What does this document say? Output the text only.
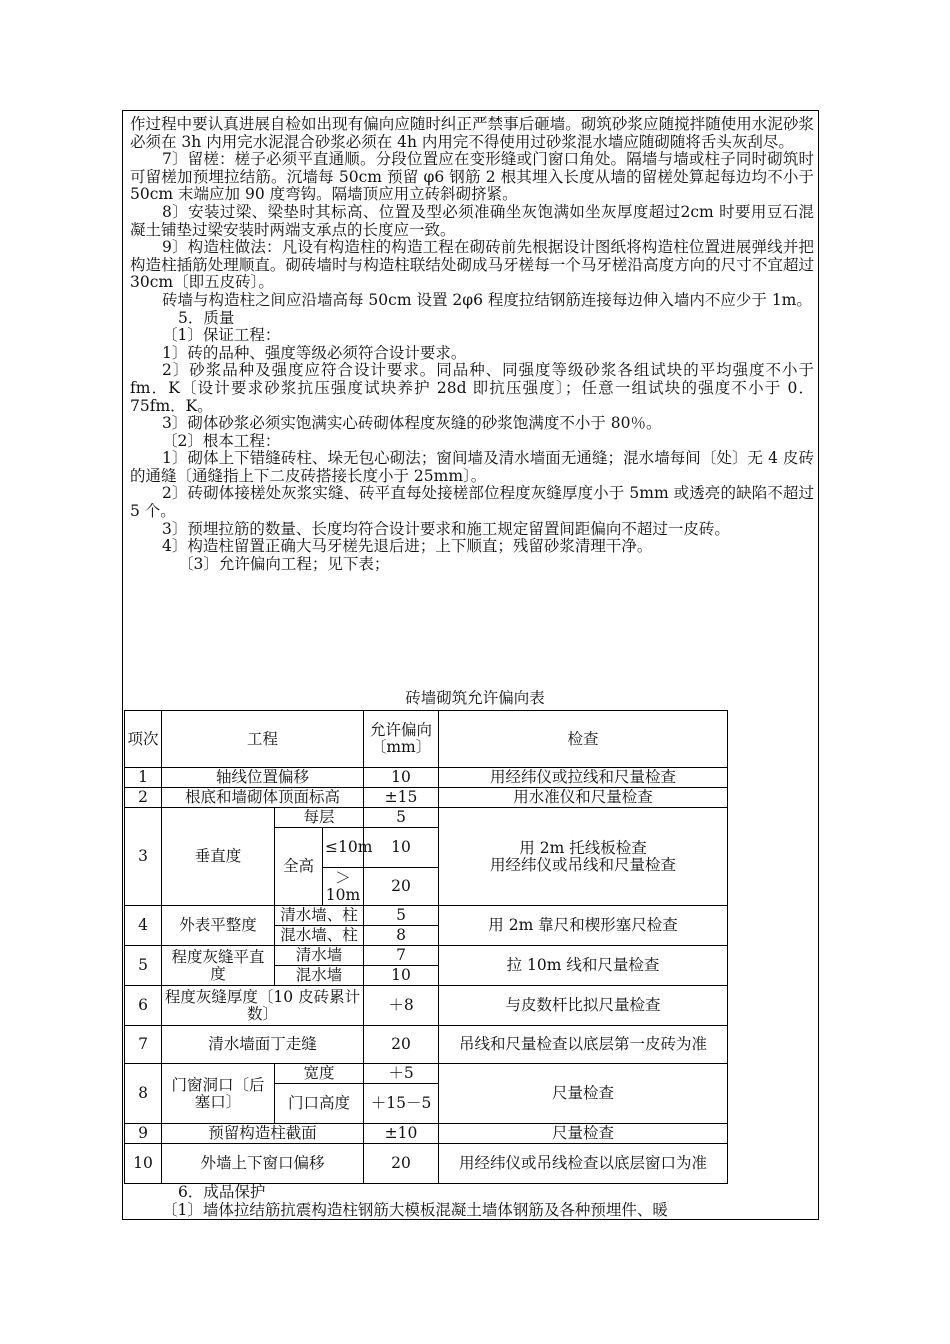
作过程中要认真进展自检如出现有偏向应随时纠正严禁事后砸墙。砌筑砂浆应随搅拌随使用水泥砂浆必须在 3h 内用完水泥混合砂浆必须在 4h 内用完不得使用过砂浆混水墙应随砌随将舌头灰刮尽。

7〕留槎：槎子必须平直通顺。分段位置应在变形缝或门窗口角处。隔墙与墙或柱子同时砌筑时可留槎加预埋拉结筋。沉墙每 50cm 预留 φ6 钢筋 2 根其埋入长度从墙的留槎处算起每边均不小于 50cm 末端应加 90 度弯钩。隔墙顶应用立砖斜砌挤紧。

8〕安装过梁、梁垫时其标高、位置及型必须准确坐灰饱满如坐灰厚度超过2cm 时要用豆石混凝土铺垫过梁安装时两端支承点的长度应一致。

9〕构造柱做法：凡设有构造柱的构造工程在砌砖前先根据设计图纸将构造柱位置进展弹线并把构造柱插筋处理顺直。砌砖墙时与构造柱联结处砌成马牙槎每一个马牙槎沿高度方向的尺寸不宜超过 30cm〔即五皮砖〕。

砖墙与构造柱之间应沿墙高每 50cm 设置 2φ6 程度拉结钢筋连接每边伸入墙内不应少于 1m。

5．质量

〔1〕保证工程：

1〕砖的品种、强度等级必须符合设计要求。

2〕砂浆品种及强度应符合设计要求。同品种、同强度等级砂浆各组试块的平均强度不小于 fm．K〔设计要求砂浆抗压强度试块养护 28d 即抗压强度〕；任意一组试块的强度不小于 0．75fm．K。

3〕砌体砂浆必须实饱满实心砖砌体程度灰缝的砂浆饱满度不小于 80％。

〔2〕根本工程：

1〕砌体上下错缝砖柱、垛无包心砌法；窗间墙及清水墙面无通缝；混水墙每间〔处〕无 4 皮砖的通缝〔通缝指上下二皮砖搭接长度小于 25mm〕。

2〕砖砌体接槎处灰浆实缝、砖平直每处接槎部位程度灰缝厚度小于 5mm 或透亮的缺陷不超过 5 个。

3〕预埋拉筋的数量、长度均符合设计要求和施工规定留置间距偏向不超过一皮砖。

4〕构造柱留置正确大马牙槎先退后进；上下顺直；残留砂浆清理干净。

〔3〕允许偏向工程；见下表；

砖墙砌筑允许偏向表
项次	工程			允许偏向〔mm〕	检查
1	轴线位置偏移			10	用经纬仪或拉线和尺量检查
2	根底和墙砌体顶面标高			±15	用水准仪和尺量检查
3	垂直度	每层		5	用 2m 托线板检查
用经纬仪或吊线和尺量检查
		全高	≤10m	10	
			＞10m	20	
4	外表平整度	清水墙、柱		5	用 2m 靠尺和楔形塞尺检查
		混水墙、柱		8	
5	程度灰缝平直度	清水墙		7	拉 10m 线和尺量检查
		混水墙		10	
6	程度灰缝厚度〔10 皮砖累计数〕			＋8	与皮数杆比拟尺量检查
7	清水墙面丁走缝			20	吊线和尺量检查以底层第一皮砖为准
8	门窗洞口〔后塞口〕	宽度		＋5	尺量检查
		门口高度		＋15－5	
9	预留构造柱截面			±10	尺量检查
10	外墙上下窗口偏移			20	用经纬仪或吊线检查以底层窗口为准

6．成品保护

〔1〕墙体拉结筋抗震构造柱钢筋大模板混凝土墙体钢筋及各种预埋件、暖
